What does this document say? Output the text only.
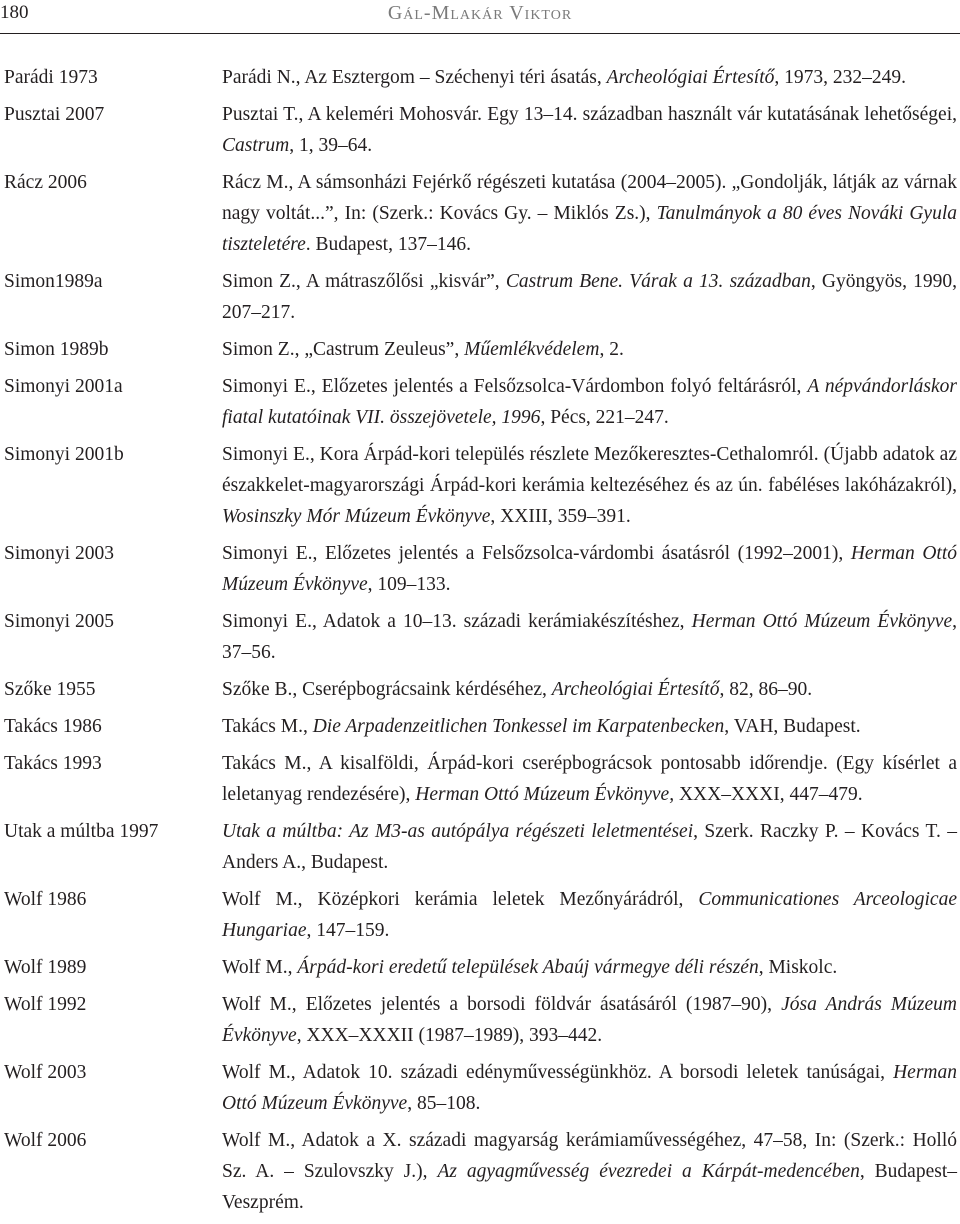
180	Gál-Mlakár Viktor
Parádi 1973	Parádi N., Az Esztergom – Széchenyi téri ásatás, Archeológiai Értesítő, 1973, 232–249.
Pusztai 2007	Pusztai T., A keleméri Mohosvár. Egy 13–14. században használt vár kutatásának lehetőségei, Castrum, 1, 39–64.
Rácz 2006	Rácz M., A sámsonházi Fejérkő régészeti kutatása (2004–2005). „Gondolják, látják az várnak nagy voltát...”, In: (Szerk.: Kovács Gy. – Miklós Zs.), Tanulmányok a 80 éves Nováki Gyula tiszteletére. Budapest, 137–146.
Simon1989a	Simon Z., A mátraszőlősi „kisvár”, Castrum Bene. Várak a 13. században, Gyöngyös, 1990, 207–217.
Simon 1989b	Simon Z., „Castrum Zeuleus”, Műemlékvédelem, 2.
Simonyi 2001a	Simonyi E., Előzetes jelentés a Felsőzsolca-Várdombon folyó feltárásról, A népvándorláskor fiatal kutatóinak VII. összejövetele, 1996, Pécs, 221–247.
Simonyi 2001b	Simonyi E., Kora Árpád-kori település részlete Mezőkeresztes-Cethalomról. (Újabb adatok az északkelet-magyarországi Árpád-kori kerámia keltezéséhez és az ún. fabéléses lakóházakról), Wosinszky Mór Múzeum Évkönyve, XXIII, 359–391.
Simonyi 2003	Simonyi E., Előzetes jelentés a Felsőzsolca-várdombi ásatásról (1992–2001), Herman Ottó Múzeum Évkönyve, 109–133.
Simonyi 2005	Simonyi E., Adatok a 10–13. századi kerámiakészítéshez, Herman Ottó Múzeum Évkönyve, 37–56.
Szőke 1955	Szőke B., Cserépbográcsaink kérdéséhez, Archeológiai Értesítő, 82, 86–90.
Takács 1986	Takács M., Die Arpadenzeitlichen Tonkessel im Karpatenbecken, VAH, Budapest.
Takács 1993	Takács M., A kisalföldi, Árpád-kori cserépbográcsok pontosabb időrendje. (Egy kísérlet a leletanyag rendezésére), Herman Ottó Múzeum Évkönyve, XXX–XXXI, 447–479.
Utak a múltba 1997	Utak a múltba: Az M3-as autópálya régészeti leletmentései, Szerk. Raczky P. – Kovács T. – Anders A., Budapest.
Wolf 1986	Wolf M., Középkori kerámia leletek Mezőnyárádról, Communicationes Arceologicae Hungariae, 147–159.
Wolf 1989	Wolf M., Árpád-kori eredetű települések Abaúj vármegye déli részén, Miskolc.
Wolf 1992	Wolf M., Előzetes jelentés a borsodi földvár ásatásáról (1987–90), Jósa András Múzeum Évkönyve, XXX–XXXII (1987–1989), 393–442.
Wolf 2003	Wolf M., Adatok 10. századi edényművességünkhöz. A borsodi leletek tanúságai, Herman Ottó Múzeum Évkönyve, 85–108.
Wolf 2006	Wolf M., Adatok a X. századi magyarság kerámiaművességéhez, 47–58, In: (Szerk.: Holló Sz. A. – Szulovszky J.), Az agyagművesség évezredei a Kárpát-medencében, Budapest–Veszprém.
